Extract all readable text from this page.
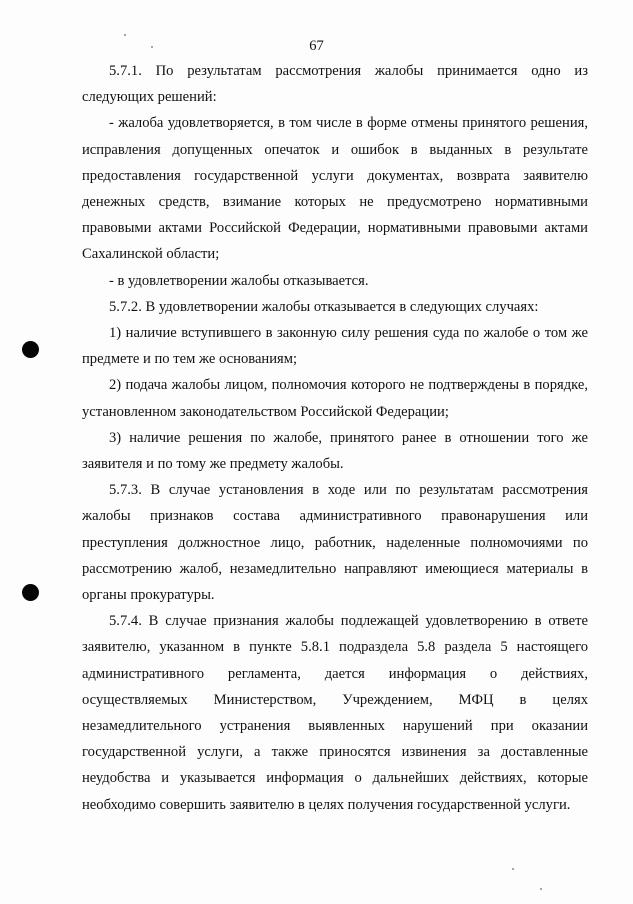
67

5.7.1. По результатам рассмотрения жалобы принимается одно из следующих решений:

- жалоба удовлетворяется, в том числе в форме отмены принятого решения, исправления допущенных опечаток и ошибок в выданных в результате предоставления государственной услуги документах, возврата заявителю денежных средств, взимание которых не предусмотрено нормативными правовыми актами Российской Федерации, нормативными правовыми актами Сахалинской области;

- в удовлетворении жалобы отказывается.

5.7.2. В удовлетворении жалобы отказывается в следующих случаях:

1) наличие вступившего в законную силу решения суда по жалобе о том же предмете и по тем же основаниям;

2) подача жалобы лицом, полномочия которого не подтверждены в порядке, установленном законодательством Российской Федерации;

3) наличие решения по жалобе, принятого ранее в отношении того же заявителя и по тому же предмету жалобы.

5.7.3. В случае установления в ходе или по результатам рассмотрения жалобы признаков состава административного правонарушения или преступления должностное лицо, работник, наделенные полномочиями по рассмотрению жалоб, незамедлительно направляют имеющиеся материалы в органы прокуратуры.

5.7.4. В случае признания жалобы подлежащей удовлетворению в ответе заявителю, указанном в пункте 5.8.1 подраздела 5.8 раздела 5 настоящего административного регламента, дается информация о действиях, осуществляемых Министерством, Учреждением, МФЦ в целях незамедлительного устранения выявленных нарушений при оказании государственной услуги, а также приносятся извинения за доставленные неудобства и указывается информация о дальнейших действиях, которые необходимо совершить заявителю в целях получения государственной услуги.
